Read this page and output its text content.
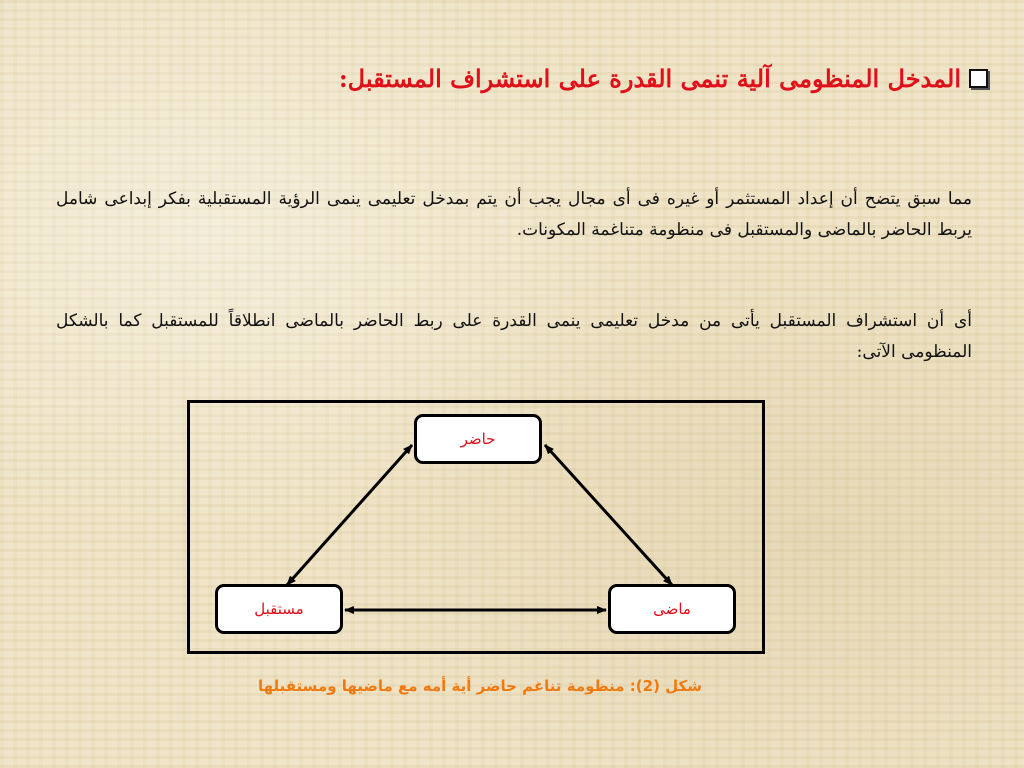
المدخل المنظومى آلية تنمى القدرة على استشراف المستقبل:
مما سبق يتضح أن إعداد المستثمر أو غيره فى أى مجال يجب أن يتم بمدخل تعليمى ينمى الرؤية المستقبلية بفكر إبداعى شامل يربط الحاضر بالماضى والمستقبل فى منظومة متناغمة المكونات.
أى أن استشراف المستقبل يأتى من مدخل تعليمى ينمى القدرة على ربط الحاضر بالماضى انطلاقاً للمستقبل كما بالشكل المنظومى الآتى:
حاضر
مستقبل	ماضى
شكل (2): منظومة تناغم حاضر أية أمه مع ماضيها ومستقبلها
